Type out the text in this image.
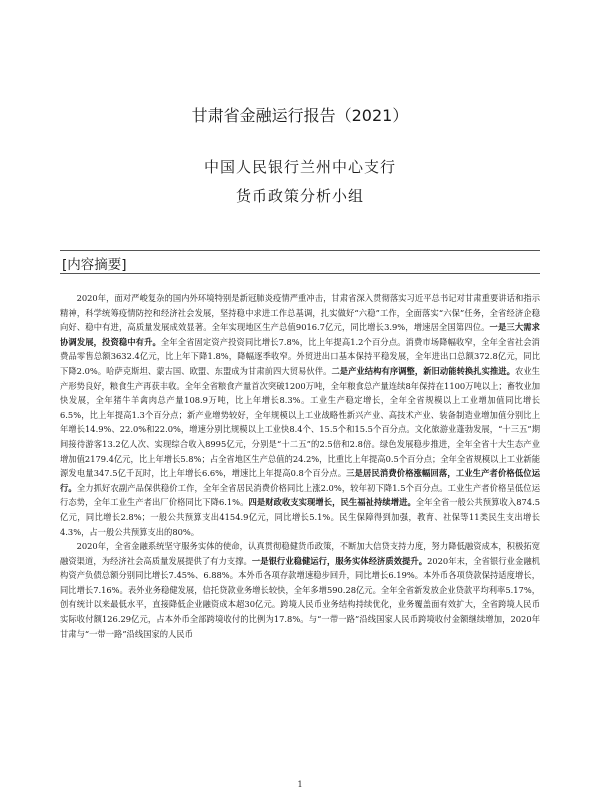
甘肃省金融运行报告（2021）
中国人民银行兰州中心支行
货币政策分析小组
[内容摘要]

2020年，面对严峻复杂的国内外环境特别是新冠肺炎疫情严重冲击，甘肃省深入贯彻落实习近平总书记对甘肃重要讲话和指示精神，科学统筹疫情防控和经济社会发展，坚持稳中求进工作总基调，扎实做好“六稳”工作，全面落实“六保”任务，全省经济企稳向好、稳中有进，高质量发展成效显著。全年实现地区生产总值9016.7亿元，同比增长3.9%，增速居全国第四位。一是三大需求协调发展，投资稳中有升。全年全省固定资产投资同比增长7.8%，比上年提高1.2个百分点。消费市场降幅收窄，全年全省社会消费品零售总额3632.4亿元，比上年下降1.8%，降幅逐季收窄。外贸进出口基本保持平稳发展，全年进出口总额372.8亿元，同比下降2.0%。哈萨克斯坦、蒙古国、欧盟、东盟成为甘肃前四大贸易伙伴。二是产业结构有序调整，新旧动能转换扎实推进。农业生产形势良好，粮食生产再获丰收。全年全省粮食产量首次突破1200万吨，全年粮食总产量连续8年保持在1100万吨以上；畜牧业加快发展，全年猪牛羊禽肉总产量108.9万吨，比上年增长8.3%。工业生产稳定增长，全年全省规模以上工业增加值同比增长6.5%，比上年提高1.3个百分点；新产业增势较好，全年规模以上工业战略性新兴产业、高技术产业、装备制造业增加值分别比上年增长14.9%、22.0%和22.0%，增速分别比规模以上工业快8.4个、15.5个和15.5个百分点。文化旅游业蓬勃发展，“十三五”期间接待游客13.2亿人次、实现综合收入8995亿元，分别是“十二五”的2.5倍和2.8倍。绿色发展稳步推进，全年全省十大生态产业增加值2179.4亿元，比上年增长5.8%；占全省地区生产总值的24.2%，比重比上年提高0.5个百分点；全年全省规模以上工业新能源发电量347.5亿千瓦时，比上年增长6.6%，增速比上年提高0.8个百分点。三是居民消费价格涨幅回落，工业生产者价格低位运行。全力抓好农副产品保供稳价工作，全年全省居民消费价格同比上涨2.0%，较年初下降1.5个百分点。工业生产者价格呈低位运行态势，全年工业生产者出厂价格同比下降6.1%。四是财政收支实现增长，民生福祉持续增进。全年全省一般公共预算收入874.5亿元，同比增长2.8%；一般公共预算支出4154.9亿元，同比增长5.1%。民生保障得到加强，教育、社保等11类民生支出增长4.3%，占一般公共预算支出的80%。

2020年，全省金融系统坚守服务实体的使命，认真贯彻稳健货币政策，不断加大信贷支持力度，努力降低融资成本，积极拓宽融资渠道，为经济社会高质量发展提供了有力支撑。一是银行业稳健运行，服务实体经济质效提升。2020年末，全省银行业金融机构资产负债总额分别同比增长7.45%、6.88%。本外币各项存款增速稳步回升，同比增长6.19%。本外币各项贷款保持适度增长，同比增长7.16%。表外业务稳健发展，信托贷款业务增长较快，全年多增590.28亿元。全年全省新发放企业贷款平均利率5.17%，创有统计以来最低水平，直接降低企业融资成本超30亿元。跨境人民币业务结构持续优化，业务覆盖面有效扩大，全省跨境人民币实际收付额126.29亿元，占本外币全部跨境收付的比例为17.8%。与“一带一路”沿线国家人民币跨境收付金额继续增加，2020年甘肃与“一带一路”沿线国家的人民币

1
